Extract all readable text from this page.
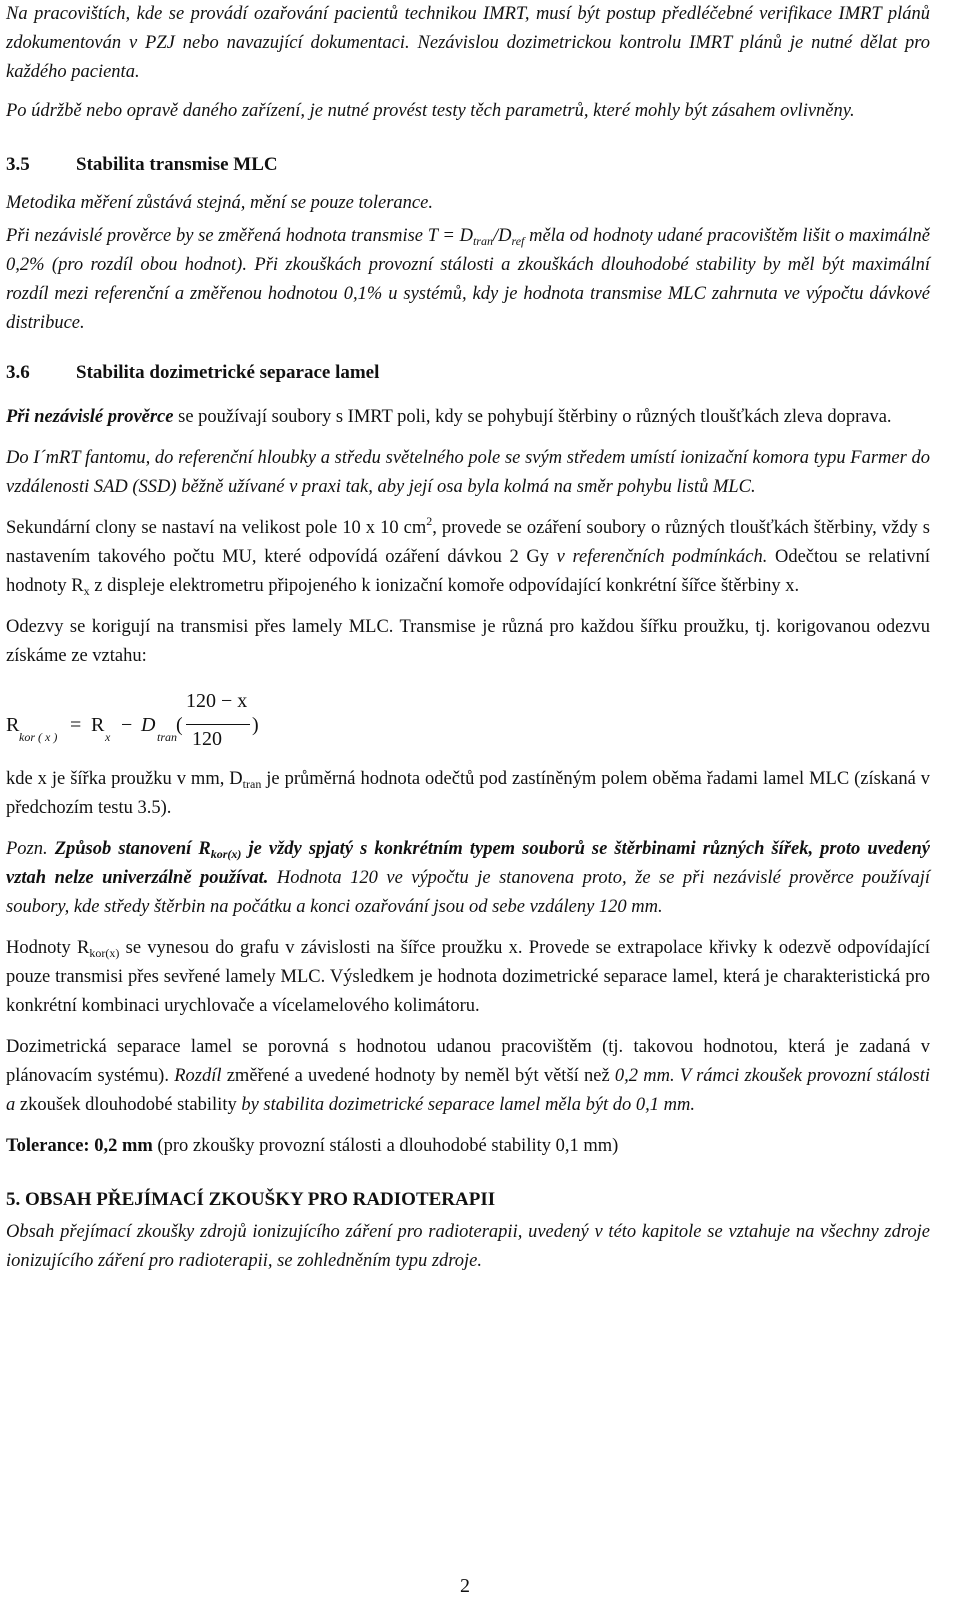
Na pracovištích, kde se provádí ozařování pacientů technikou IMRT, musí být postup předléčebné verifikace IMRT plánů zdokumentován v PZJ nebo navazující dokumentaci. Nezávislou dozimetrickou kontrolu IMRT plánů je nutné dělat pro každého pacienta.

Po údržbě nebo opravě daného zařízení, je nutné provést testy těch parametrů, které mohly být zásahem ovlivněny.

3.5 Stabilita transmise MLC

Metodika měření zůstává stejná, mění se pouze tolerance.

Při nezávislé prověrce by se změřená hodnota transmise $T = D_{tran}/D_{ref}$ měla od hodnoty udané pracovištěm lišit o maximálně 0,2% (pro rozdíl obou hodnot). Při zkouškách provozní stálosti a zkouškách dlouhodobé stability by měl být maximální rozdíl mezi referenční a změřenou hodnotou 0,1% u systémů, kdy je hodnota transmise MLC zahrnuta ve výpočtu dávkové distribuce.

3.6 Stabilita dozimetrické separace lamel

Při nezávislé prověrce se používají soubory s IMRT poli, kdy se pohybují štěrbiny o různých tloušťkách zleva doprava.

Do I´mRT fantomu, do referenční hloubky a středu světelného pole se svým středem umístí ionizační komora typu Farmer do vzdálenosti SAD (SSD) běžně užívané v praxi tak, aby její osa byla kolmá na směr pohybu listů MLC.

Sekundární clony se nastaví na velikost pole 10 x 10 $cm^2$, provede se ozáření soubory o různých tloušťkách štěrbiny, vždy s nastavením takového počtu MU, které odpovídá ozáření dávkou 2 Gy v referenčních podmínkách. Odečtou se relativní hodnoty $R_x$ z displeje elektrometru připojeného k ionizační komoře odpovídající konkrétní šířce štěrbiny x.

Odezvy se korigují na transmisi přes lamely MLC. Transmise je různá pro každou šířku proužku, tj. korigovanou odezvu získáme ze vztahu:

R
kor ( x )
= R
x
− D
tran
(
120 − x
120
)

kde x je šířka proužku v mm, $D_{tran}$ je průměrná hodnota odečtů pod zastíněným polem oběma řadami lamel MLC (získaná v předchozím testu 3.5).

Pozn. Způsob stanovení $R_{kor(x)}$ je vždy spjatý s konkrétním typem souborů se štěrbinami různých šířek, proto uvedený vztah nelze univerzálně používat. Hodnota 120 ve výpočtu je stanovena proto, že se při nezávislé prověrce používají soubory, kde středy štěrbin na počátku a konci ozařování jsou od sebe vzdáleny 120 mm.

Hodnoty $R_{kor(x)}$ se vynesou do grafu v závislosti na šířce proužku x. Provede se extrapolace křivky k odezvě odpovídající pouze transmisi přes sevřené lamely MLC. Výsledkem je hodnota dozimetrické separace lamel, která je charakteristická pro konkrétní kombinaci urychlovače a vícelamelového kolimátoru.

Dozimetrická separace lamel se porovná s hodnotou udanou pracovištěm (tj. takovou hodnotou, která je zadaná v plánovacím systému). Rozdíl změřené a uvedené hodnoty by neměl být větší než 0,2 mm. V rámci zkoušek provozní stálosti a zkoušek dlouhodobé stability by stabilita dozimetrické separace lamel měla být do 0,1 mm.

Tolerance: 0,2 mm (pro zkoušky provozní stálosti a dlouhodobé stability 0,1 mm)

5. OBSAH PŘEJÍMACÍ ZKOUŠKY PRO RADIOTERAPII

Obsah přejímací zkoušky zdrojů ionizujícího záření pro radioterapii, uvedený v této kapitole se vztahuje na všechny zdroje ionizujícího záření pro radioterapii, se zohledněním typu zdroje.

2
